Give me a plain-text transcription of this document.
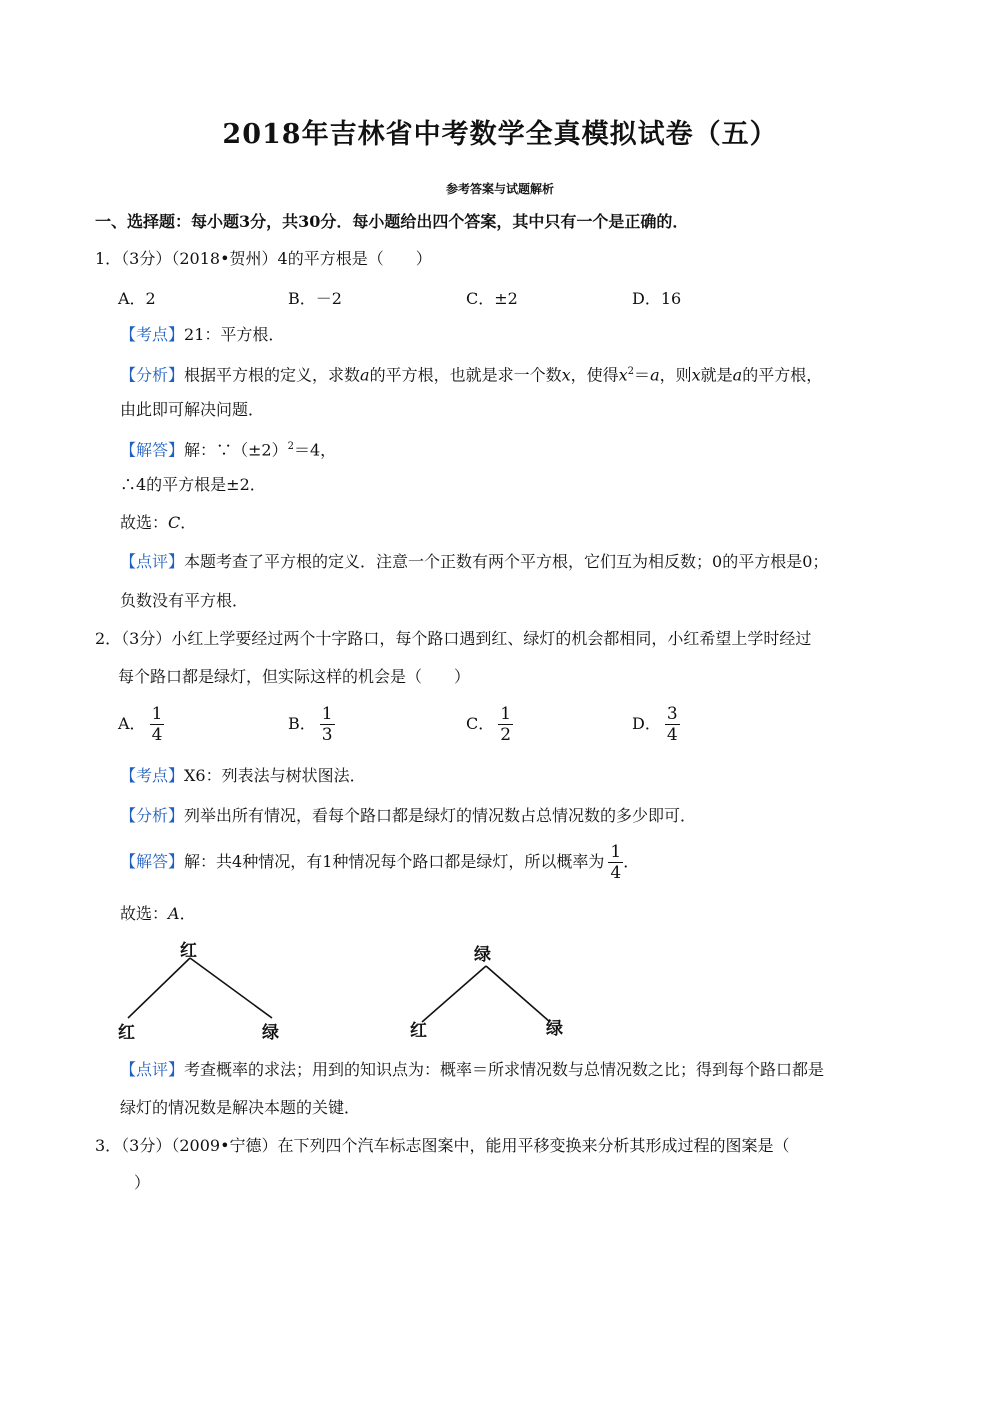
2018年吉林省中考数学全真模拟试卷（五）
参考答案与试题解析
一、选择题：每小题3分，共30分．每小题给出四个答案，其中只有一个是正确的．
1．（3分）（2018•贺州）4的平方根是（　　）
A．2	B．－2	C．±2	D．16
【考点】21：平方根．
【分析】根据平方根的定义，求数a的平方根，也就是求一个数x，使得$x^2=a$，则x就是a的平方根，
由此即可解决问题．
【解答】解：$\because(\pm 2)^2=4$，
∴4的平方根是±2．
故选：C．
【点评】本题考查了平方根的定义．注意一个正数有两个平方根，它们互为相反数；0的平方根是0；
负数没有平方根．
2．（3分）小红上学要经过两个十字路口，每个路口遇到红、绿灯的机会都相同，小红希望上学时经过
每个路口都是绿灯，但实际这样的机会是（　　）
A． $\frac{1}{4}$	B． $\frac{1}{3}$	C． $\frac{1}{2}$	D． $\frac{3}{4}$
【考点】X6：列表法与树状图法．
【分析】列举出所有情况，看每个路口都是绿灯的情况数占总情况数的多少即可．
【解答】解：共4种情况，有1种情况每个路口都是绿灯，所以概率为 $\frac{1}{4}$ ．
故选：A．
红
红	绿
绿
红	绿
【点评】考查概率的求法；用到的知识点为：概率＝所求情况数与总情况数之比；得到每个路口都是
绿灯的情况数是解决本题的关键．
3．（3分）（2009•宁德）在下列四个汽车标志图案中，能用平移变换来分析其形成过程的图案是（
）
